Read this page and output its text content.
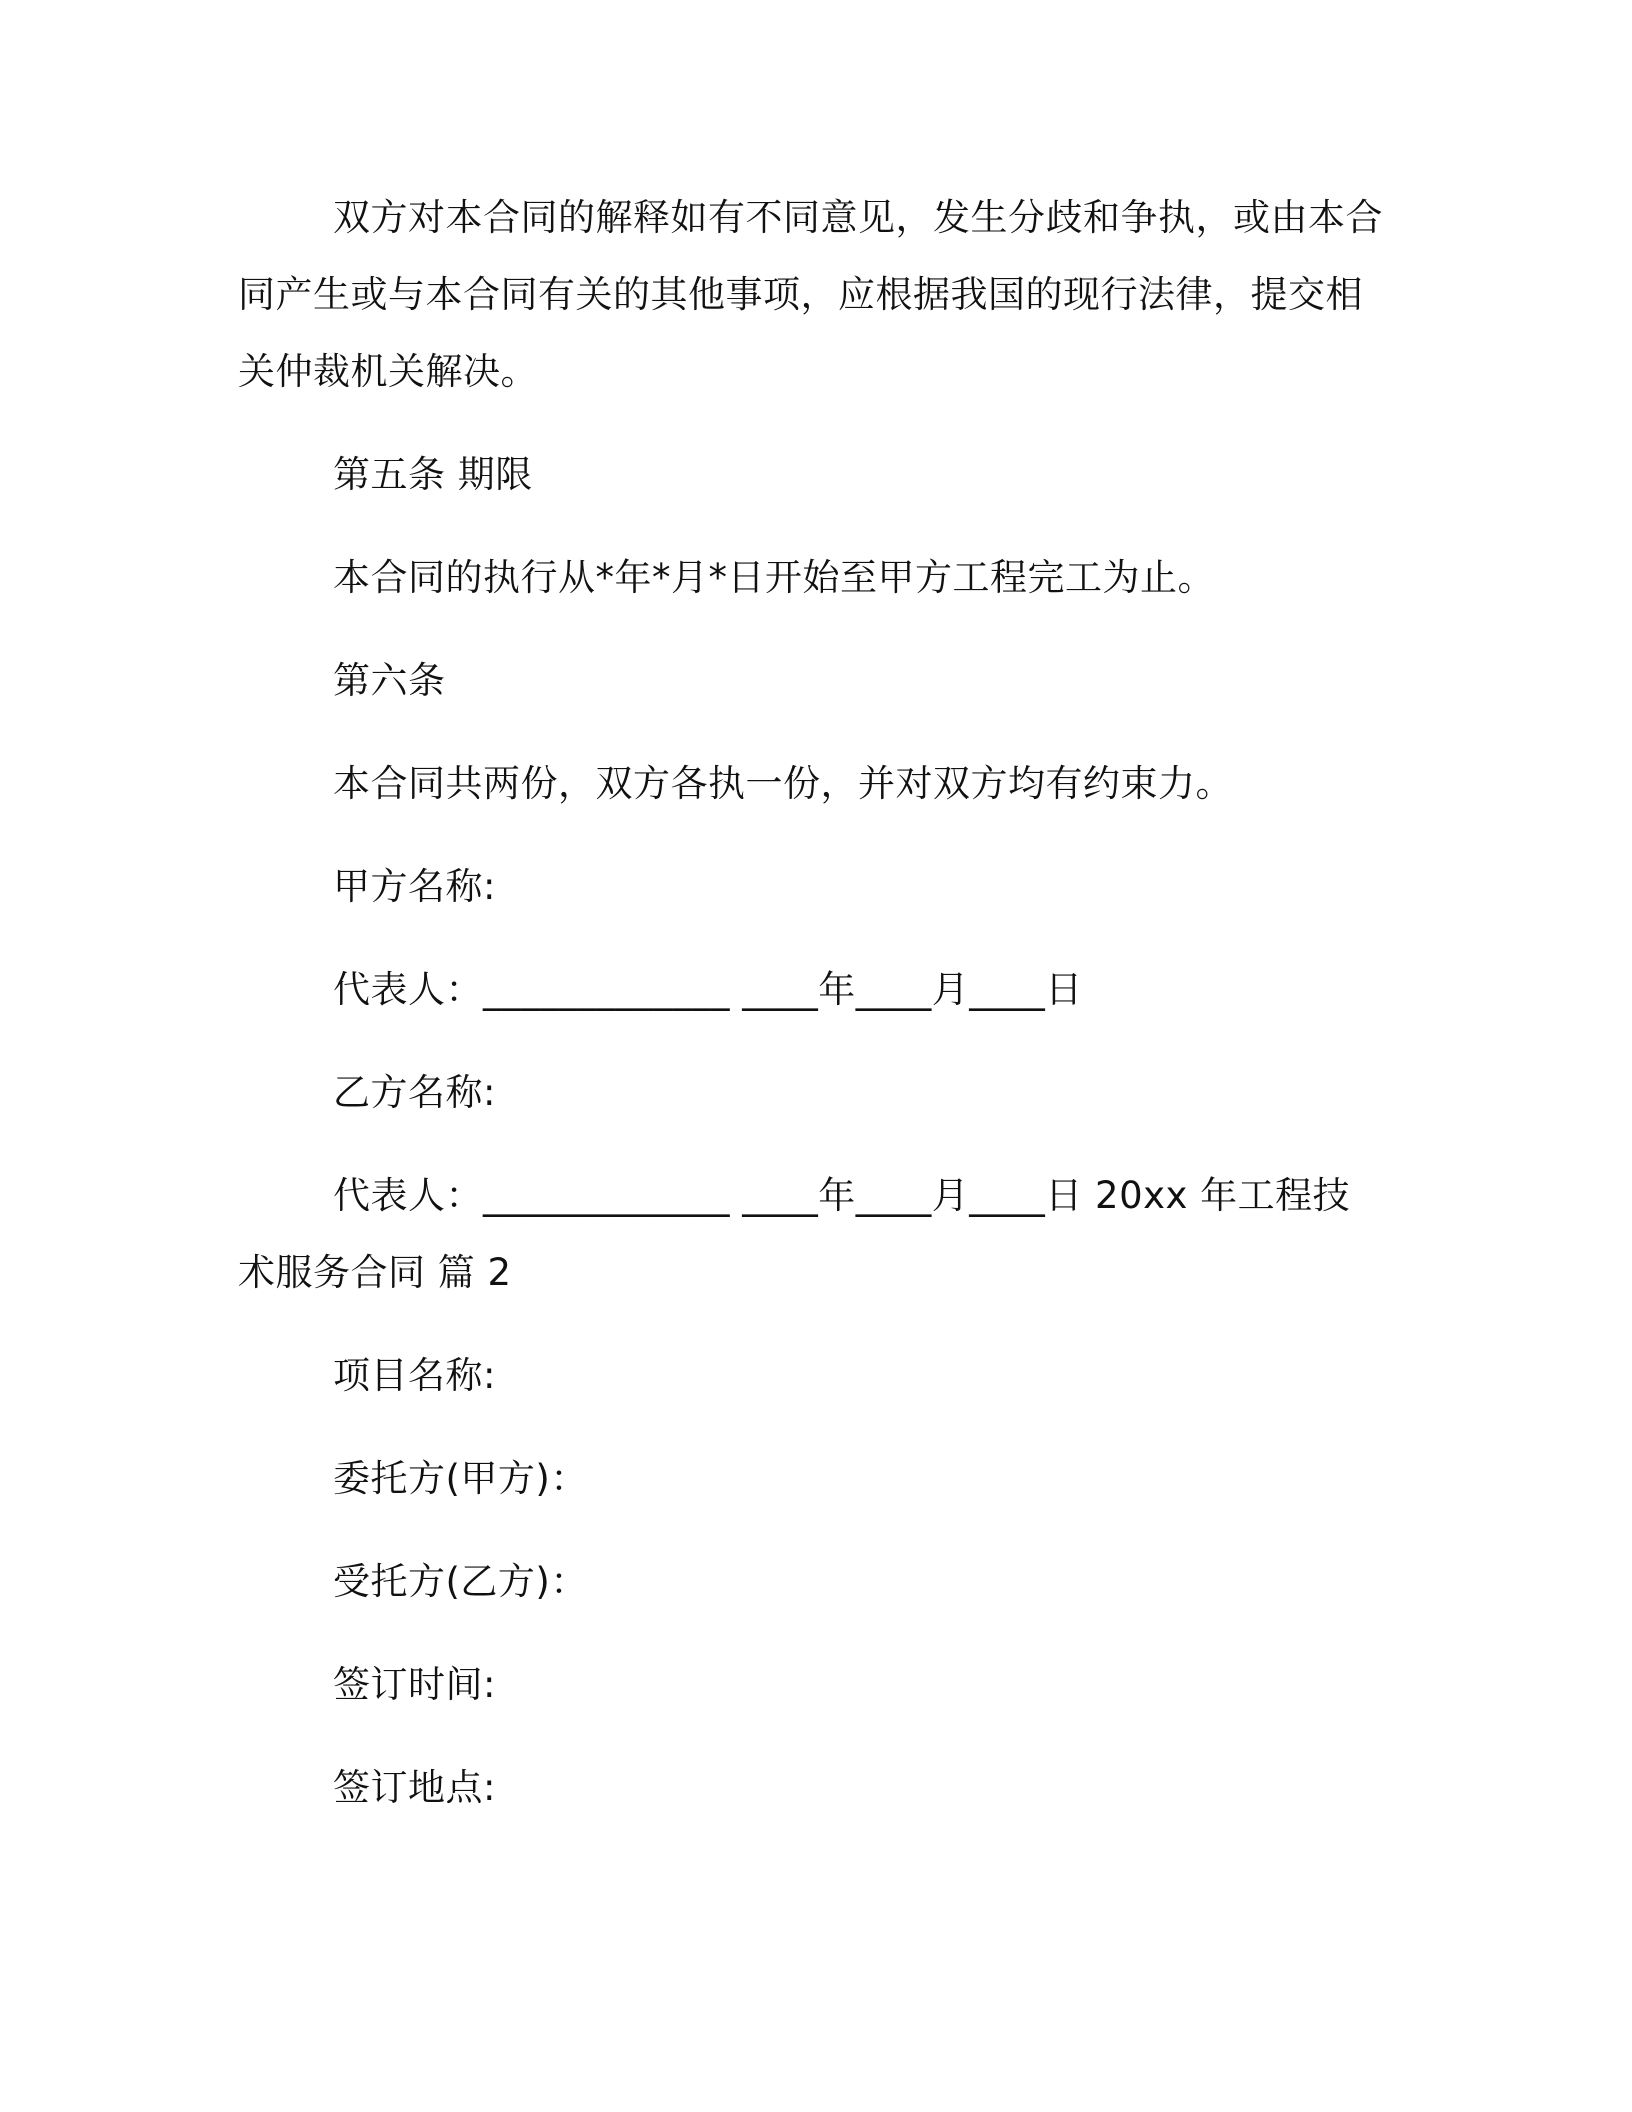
双方对本合同的解释如有不同意见，发生分歧和争执，或由本合
同产生或与本合同有关的其他事项，应根据我国的现行法律，提交相
关仲裁机关解决。
第五条 期限
本合同的执行从*年*月*日开始至甲方工程完工为止。
第六条
本合同共两份，双方各执一份，并对双方均有约束力。
甲方名称:
代表人：_____________ ____年____月____日
乙方名称:
代表人：_____________ ____年____月____日 20xx 年工程技
术服务合同 篇 2
项目名称:
委托方(甲方)：
受托方(乙方)：
签订时间:
签订地点:
